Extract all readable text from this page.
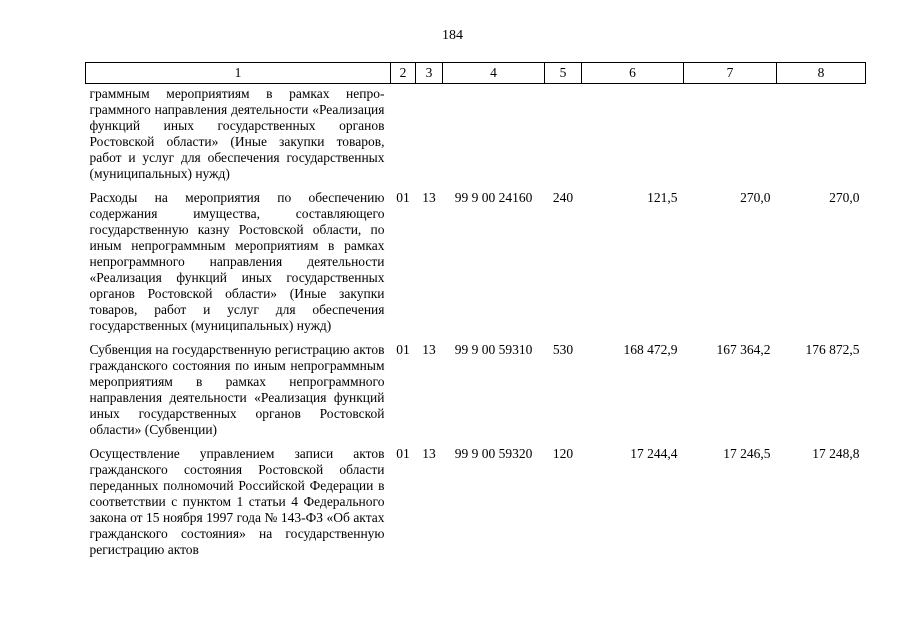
184
1	2	3	4	5	6	7	8
граммным мероприятиям в рамках непро-граммного направления деятельности «Реализация функций иных государственных органов Ростовской области» (Иные закупки товаров, работ и услуг для обеспечения государственных (муниципальных) нужд)							
Расходы на мероприятия по обеспечению содержания имущества, составляющего государственную казну Ростовской области, по иным непрограммным мероприятиям в рамках непрограммного направления деятельности «Реализация функций иных государственных органов Ростовской области» (Иные закупки товаров, работ и услуг для обеспечения государственных (муниципальных) нужд)	01	13	99 9 00 24160	240	121,5	270,0	270,0
Субвенция на государственную регистрацию актов гражданского состояния по иным непрограммным мероприятиям в рамках непрограммного направления деятельности «Реализация функций иных государственных органов Ростовской области» (Субвенции)	01	13	99 9 00 59310	530	168 472,9	167 364,2	176 872,5
Осуществление управлением записи актов гражданского состояния Ростовской области переданных полномочий Российской Федерации в соответствии с пунктом 1 статьи 4 Федерального закона от 15 ноября 1997 года № 143-ФЗ «Об актах гражданского состояния» на государственную регистрацию актов	01	13	99 9 00 59320	120	17 244,4	17 246,5	17 248,8
